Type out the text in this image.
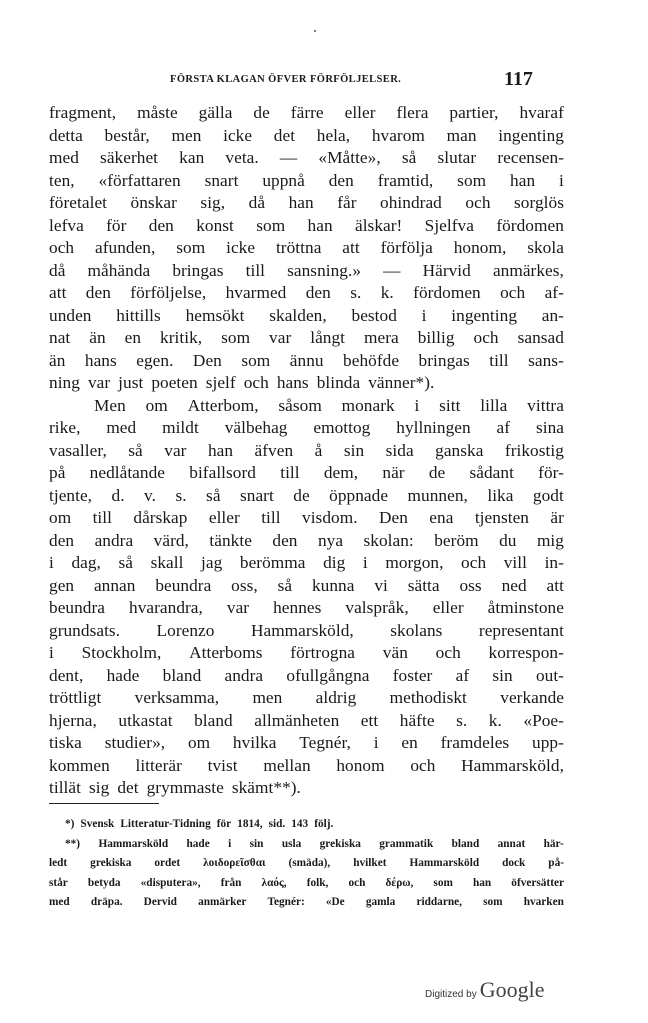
FÖRSTA KLAGAN ÖFVER FÖRFÖLJELSER.	117
fragment, måste gälla de färre eller flera partier, hvaraf
detta består, men icke det hela, hvarom man ingenting
med säkerhet kan veta. — «Måtte», så slutar recensen-
ten, «författaren snart uppnå den framtid, som han i
företalet önskar sig, då han får ohindrad och sorglös
lefva för den konst som han älskar! Sjelfva fördomen
och afunden, som icke tröttna att förfölja honom, skola
då måhända bringas till sansning.» — Härvid anmärkes,
att den förföljelse, hvarmed den s. k. fördomen och af-
unden hittills hemsökt skalden, bestod i ingenting an-
nat än en kritik, som var långt mera billig och sansad
än hans egen. Den som ännu behöfde bringas till sans-
ning var just poeten sjelf och hans blinda vänner*).
Men om Atterbom, såsom monark i sitt lilla vittra
rike, med mildt välbehag emottog hyllningen af sina
vasaller, så var han äfven å sin sida ganska frikostig
på nedlåtande bifallsord till dem, när de sådant för-
tjente, d. v. s. så snart de öppnade munnen, lika godt
om till dårskap eller till visdom. Den ena tjensten är
den andra värd, tänkte den nya skolan: beröm du mig
i dag, så skall jag berömma dig i morgon, och vill in-
gen annan beundra oss, så kunna vi sätta oss ned att
beundra hvarandra, var hennes valspråk, eller åtminstone
grundsats. Lorenzo Hammarsköld, skolans representant
i Stockholm, Atterboms förtrogna vän och korrespon-
dent, hade bland andra ofullgångna foster af sin out-
tröttligt verksamma, men aldrig methodiskt verkande
hjerna, utkastat bland allmänheten ett häfte s. k. «Poe-
tiska studier», om hvilka Tegnér, i en framdeles upp-
kommen litterär tvist mellan honom och Hammarsköld,
tillät sig det grymmaste skämt**).
*) Svensk Litteratur-Tidning för 1814, sid. 143 följ.
**) Hammarsköld hade i sin usla grekiska grammatik bland annat här-
ledt grekiska ordet λοιδορεῖσθαι (smäda), hvilket Hammarsköld dock på-
står betyda «disputera», från λαός, folk, och δέρω, som han öfversätter
med dräpa. Dervid anmärker Tegnér: «De gamla riddarne, som hvarken
Digitized by Google
